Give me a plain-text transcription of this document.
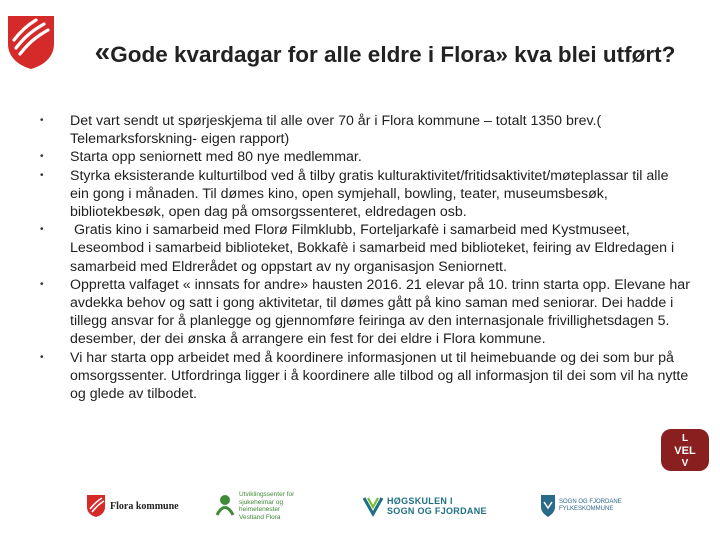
«Gode kvardagar for alle eldre i Flora» kva blei utført?
• Det vart sendt ut spørjeskjema til alle over 70 år i Flora kommune – totalt 1350 brev.( Telemarksforskning- eigen rapport)
• Starta opp seniornett med 80 nye medlemmar.
• Styrka eksisterande kulturtilbod ved å tilby gratis kulturaktivitet/fritidsaktivitet/møteplassar til alle ein gong i månaden. Til dømes kino, open symjehall, bowling, teater, museumsbesøk, bibliotekbesøk, open dag på omsorgssenteret, eldredagen osb.
• Gratis kino i samarbeid med Florø Filmklubb, Forteljarkafè i samarbeid med Kystmuseet, Leseombod i samarbeid biblioteket, Bokkafè i samarbeid med biblioteket, feiring av Eldredagen i samarbeid med Eldrerådet og oppstart av ny organisasjon Seniornett.
• Oppretta valfaget « innsats for andre» hausten 2016. 21 elevar på 10. trinn starta opp. Elevane har avdekka behov og satt i gong aktivitetar, til dømes gått på kino saman med seniorar. Dei hadde i tillegg ansvar for å planlegge og gjennomføre feiringa av den internasjonale frivillighetsdagen 5. desember, der dei ønska å arrangere ein fest for dei eldre i Flora kommune.
• Vi har starta opp arbeidet med å koordinere informasjonen ut til heimebuande og dei som bur på omsorgssenter. Utfordringa ligger i å koordinere alle tilbod og all informasjon til dei som vil ha nytte og glede av tilbodet.
L
VEL
V
Flora kommune
Utviklingssenter for sjukeheimar og heimetenester
Vestland Flora
HØGSKULEN I
SOGN OG FJORDANE
SOGN OG FJORDANE
FYLKESKOMMUNE
